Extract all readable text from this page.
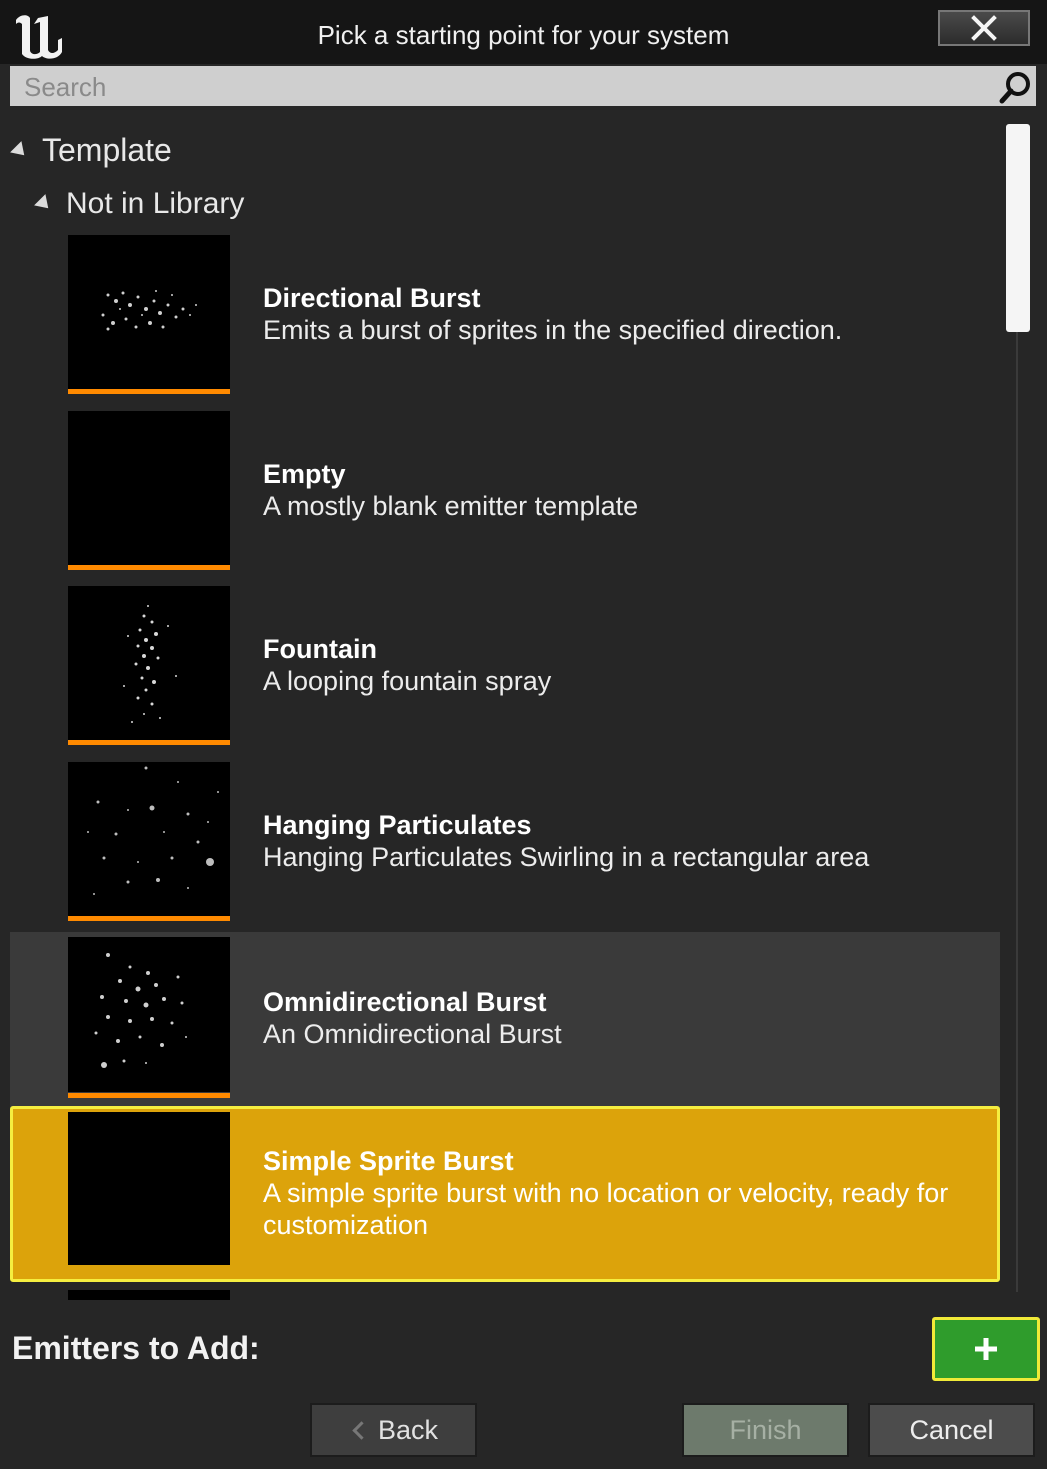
Pick a starting point for your system
Search
Template
Not in Library
Directional Burst
Emits a burst of sprites in the specified direction.
Empty
A mostly blank emitter template
Fountain
A looping fountain spray
Hanging Particulates
Hanging Particulates Swirling in a rectangular area
Omnidirectional Burst
An Omnidirectional Burst
Simple Sprite Burst
A simple sprite burst with no location or velocity, ready for customization
Emitters to Add:
Back	Finish	Cancel
